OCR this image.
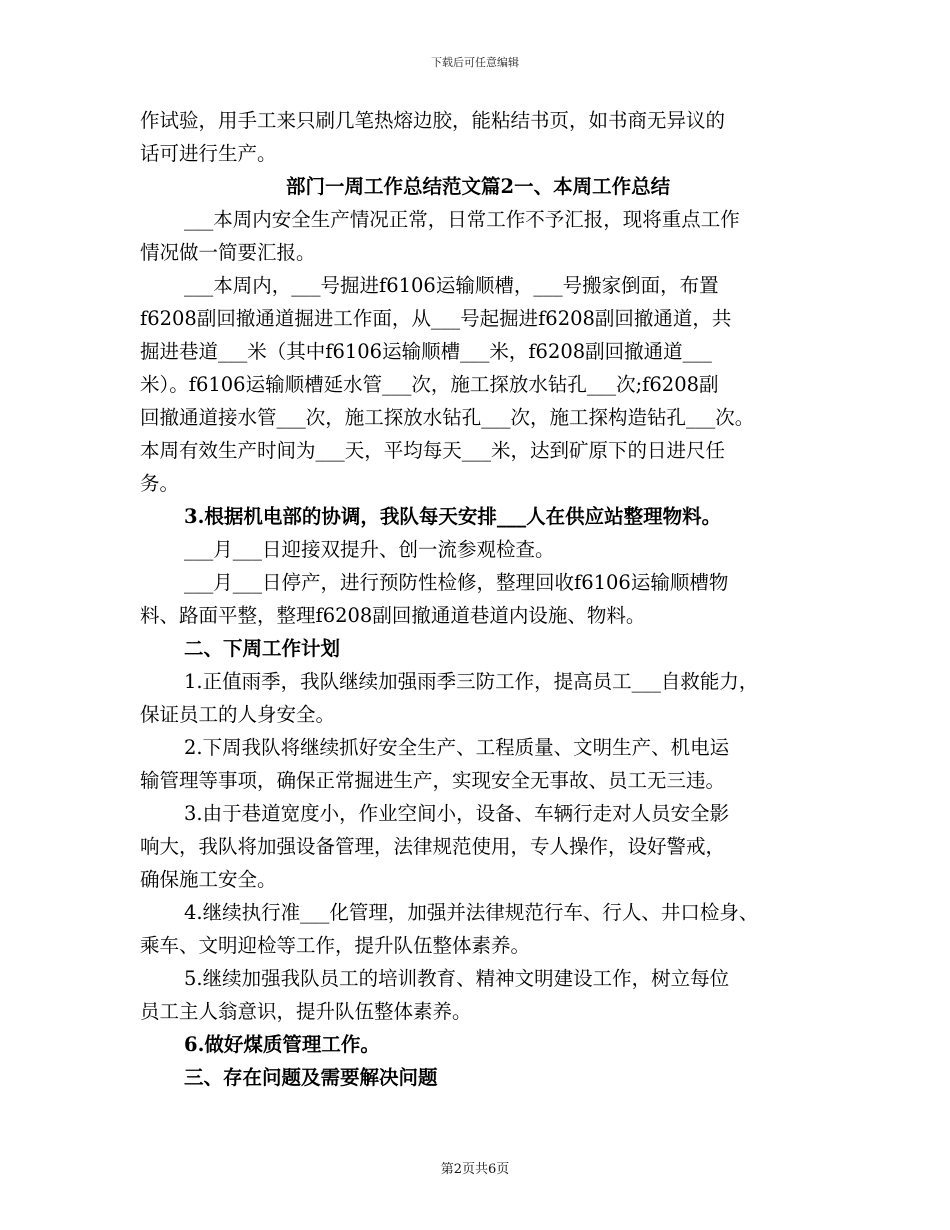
下载后可任意编辑
作试验，用手工来只刷几笔热熔边胶，能粘结书页，如书商无异议的
话可进行生产。
部门一周工作总结范文篇2一、本周工作总结
___本周内安全生产情况正常，日常工作不予汇报，现将重点工作
情况做一简要汇报。
___本周内，___号掘进f6106运输顺槽，___号搬家倒面，布置
f6208副回撤通道掘进工作面，从___号起掘进f6208副回撤通道，共
掘进巷道___米（其中f6106运输顺槽___米，f6208副回撤通道___
米）。f6106运输顺槽延水管___次，施工探放水钻孔___次;f6208副
回撤通道接水管___次，施工探放水钻孔___次，施工探构造钻孔___次。
本周有效生产时间为___天，平均每天___米，达到矿原下的日进尺任
务。
3.根据机电部的协调，我队每天安排___人在供应站整理物料。
___月___日迎接双提升、创一流参观检查。
___月___日停产，进行预防性检修，整理回收f6106运输顺槽物
料、路面平整，整理f6208副回撤通道巷道内设施、物料。
二、下周工作计划
1.正值雨季，我队继续加强雨季三防工作，提高员工___自救能力，
保证员工的人身安全。
2.下周我队将继续抓好安全生产、工程质量、文明生产、机电运
输管理等事项，确保正常掘进生产，实现安全无事故、员工无三违。
3.由于巷道宽度小，作业空间小，设备、车辆行走对人员安全影
响大，我队将加强设备管理，法律规范使用，专人操作，设好警戒，
确保施工安全。
4.继续执行准___化管理，加强并法律规范行车、行人、井口检身、
乘车、文明迎检等工作，提升队伍整体素养。
5.继续加强我队员工的培训教育、精神文明建设工作，树立每位
员工主人翁意识，提升队伍整体素养。
6.做好煤质管理工作。
三、存在问题及需要解决问题
第2页共6页
